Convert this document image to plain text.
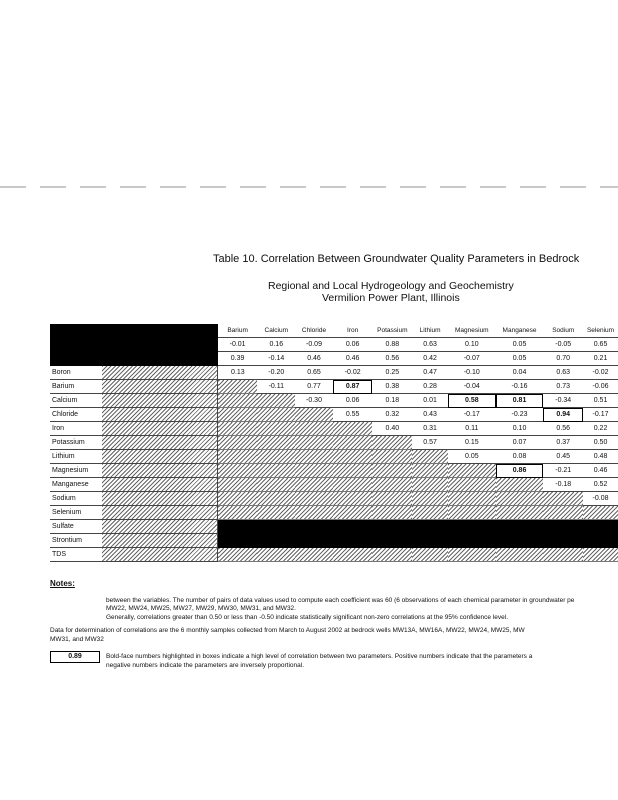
Table 10. Correlation Between Groundwater Quality Parameters in Bedrock
Regional and Local Hydrogeology and Geochemistry
Vermilion Power Plant, Illinois
	Barium	Calcium	Chloride	Iron	Potassium	Lithium	Magnesium	Manganese	Sodium	Selenium
	-0.01	0.16	-0.09	0.06	0.88	0.63	0.10	0.05	-0.05	0.65
	0.39	-0.14	0.46	0.46	0.56	0.42	-0.07	0.05	0.70	0.21

Boron	0.13	-0.20	0.65	-0.02	0.25	0.47	-0.10	0.04	0.63	-0.02

Barium		-0.11	0.77	0.87	0.38	0.28	-0.04	-0.16	0.73	-0.06

Calcium			-0.30	0.06	0.18	0.01	0.58	0.81	-0.34	0.51

Chloride				0.55	0.32	0.43	-0.17	-0.23	0.94	-0.17

Iron					0.40	0.31	0.11	0.10	0.56	0.22

Potassium						0.57	0.15	0.07	0.37	0.50

Lithium							0.05	0.08	0.45	0.48

Magnesium								0.86	-0.21	0.46

Manganese									-0.18	0.52

Sodium										-0.08

Selenium										

Sulfate										

Strontium										

TDS										

Notes:
between the variables. The number of pairs of data values used to compute each coefficient was 60 (6 observations of each chemical parameter in groundwater pe
MW22, MW24, MW25, MW27, MW29, MW30, MW31, and MW32.
Generally, correlations greater than 0.50 or less than -0.50 indicate statistically significant non-zero correlations at the 95% confidence level.
Data for determination of correlations are the 6 monthly samples collected from March to August 2002 at bedrock wells MW13A, MW16A, MW22, MW24, MW25, MW
MW31, and MW32
0.89	Bold-face numbers highlighted in boxes indicate a high level of correlation between two parameters. Positive numbers indicate that the parameters a
negative numbers indicate the parameters are inversely proportional.
